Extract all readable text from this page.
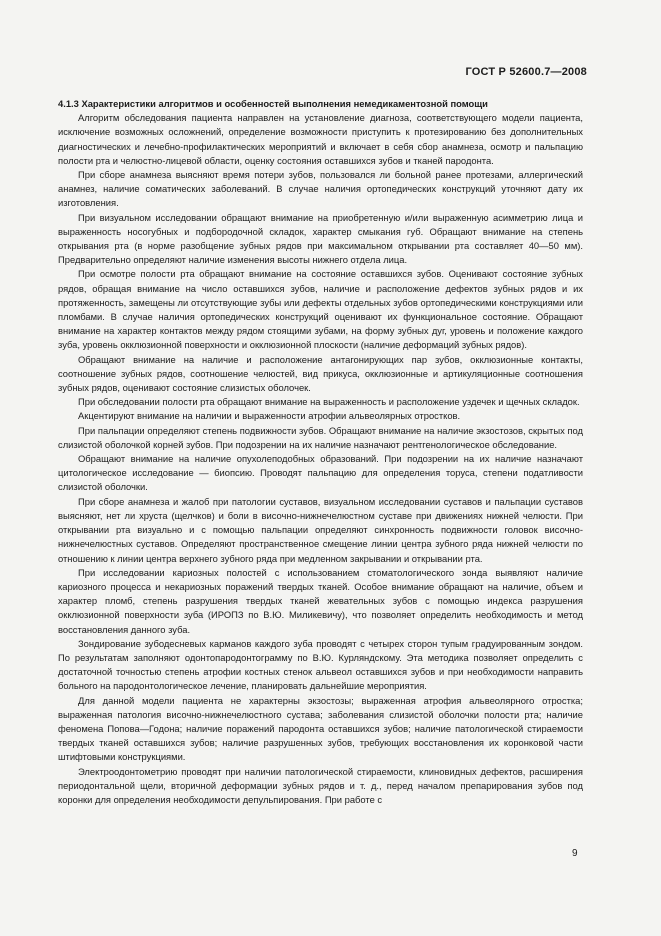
ГОСТ Р 52600.7—2008

4.1.3 Характеристики алгоритмов и особенностей выполнения немедикаментозной помощи

Алгоритм обследования пациента направлен на установление диагноза, соответствующего модели пациента, исключение возможных осложнений, определение возможности приступить к протезированию без дополнительных диагностических и лечебно-профилактических мероприятий и включает в себя сбор анамнеза, осмотр и пальпацию полости рта и челюстно-лицевой области, оценку состояния оставшихся зубов и тканей пародонта.

При сборе анамнеза выясняют время потери зубов, пользовался ли больной ранее протезами, аллергический анамнез, наличие соматических заболеваний. В случае наличия ортопедических конструкций уточняют дату их изготовления.

При визуальном исследовании обращают внимание на приобретенную и/или выраженную асимметрию лица и выраженность носогубных и подбородочной складок, характер смыкания губ. Обращают внимание на степень открывания рта (в норме разобщение зубных рядов при максимальном открывании рта составляет 40—50 мм). Предварительно определяют наличие изменения высоты нижнего отдела лица.

При осмотре полости рта обращают внимание на состояние оставшихся зубов. Оценивают состояние зубных рядов, обращая внимание на число оставшихся зубов, наличие и расположение дефектов зубных рядов и их протяженность, замещены ли отсутствующие зубы или дефекты отдельных зубов ортопедическими конструкциями или пломбами. В случае наличия ортопедических конструкций оценивают их функциональное состояние. Обращают внимание на характер контактов между рядом стоящими зубами, на форму зубных дуг, уровень и положение каждого зуба, уровень окклюзионной поверхности и окклюзионной плоскости (наличие деформаций зубных рядов).

Обращают внимание на наличие и расположение антагонирующих пар зубов, окклюзионные контакты, соотношение зубных рядов, соотношение челюстей, вид прикуса, окклюзионные и артикуляционные соотношения зубных рядов, оценивают состояние слизистых оболочек.

При обследовании полости рта обращают внимание на выраженность и расположение уздечек и щечных складок.

Акцентируют внимание на наличии и выраженности атрофии альвеолярных отростков.

При пальпации определяют степень подвижности зубов. Обращают внимание на наличие экзостозов, скрытых под слизистой оболочкой корней зубов. При подозрении на их наличие назначают рентгенологическое обследование.

Обращают внимание на наличие опухолеподобных образований. При подозрении на их наличие назначают цитологическое исследование — биопсию. Проводят пальпацию для определения торуса, степени податливости слизистой оболочки.

При сборе анамнеза и жалоб при патологии суставов, визуальном исследовании суставов и пальпации суставов выясняют, нет ли хруста (щелчков) и боли в височно-нижнечелюстном суставе при движениях нижней челюсти. При открывании рта визуально и с помощью пальпации определяют синхронность подвижности головок височно-нижнечелюстных суставов. Определяют пространственное смещение линии центра зубного ряда нижней челюсти по отношению к линии центра верхнего зубного ряда при медленном закрывании и открывании рта.

При исследовании кариозных полостей с использованием стоматологического зонда выявляют наличие кариозного процесса и некариозных поражений твердых тканей. Особое внимание обращают на наличие, объем и характер пломб, степень разрушения твердых тканей жевательных зубов с помощью индекса разрушения окклюзионной поверхности зуба (ИРОПЗ по В.Ю. Миликевичу), что позволяет определить необходимость и метод восстановления данного зуба.

Зондирование зубодесневых карманов каждого зуба проводят с четырех сторон тупым градуированным зондом. По результатам заполняют одонтопародонтограмму по В.Ю. Курляндскому. Эта методика позволяет определить с достаточной точностью степень атрофии костных стенок альвеол оставшихся зубов и при необходимости направить больного на пародонтологическое лечение, планировать дальнейшие мероприятия.

Для данной модели пациента не характерны экзостозы; выраженная атрофия альвеолярного отростка; выраженная патология височно-нижнечелюстного сустава; заболевания слизистой оболочки полости рта; наличие феномена Попова—Годона; наличие поражений пародонта оставшихся зубов; наличие патологической стираемости твердых тканей оставшихся зубов; наличие разрушенных зубов, требующих восстановления их коронковой части штифтовыми конструкциями.

Электроодонтометрию проводят при наличии патологической стираемости, клиновидных дефектов, расширения периодонтальной щели, вторичной деформации зубных рядов и т. д., перед началом препарирования зубов под коронки для определения необходимости депульпирования. При работе с

9
